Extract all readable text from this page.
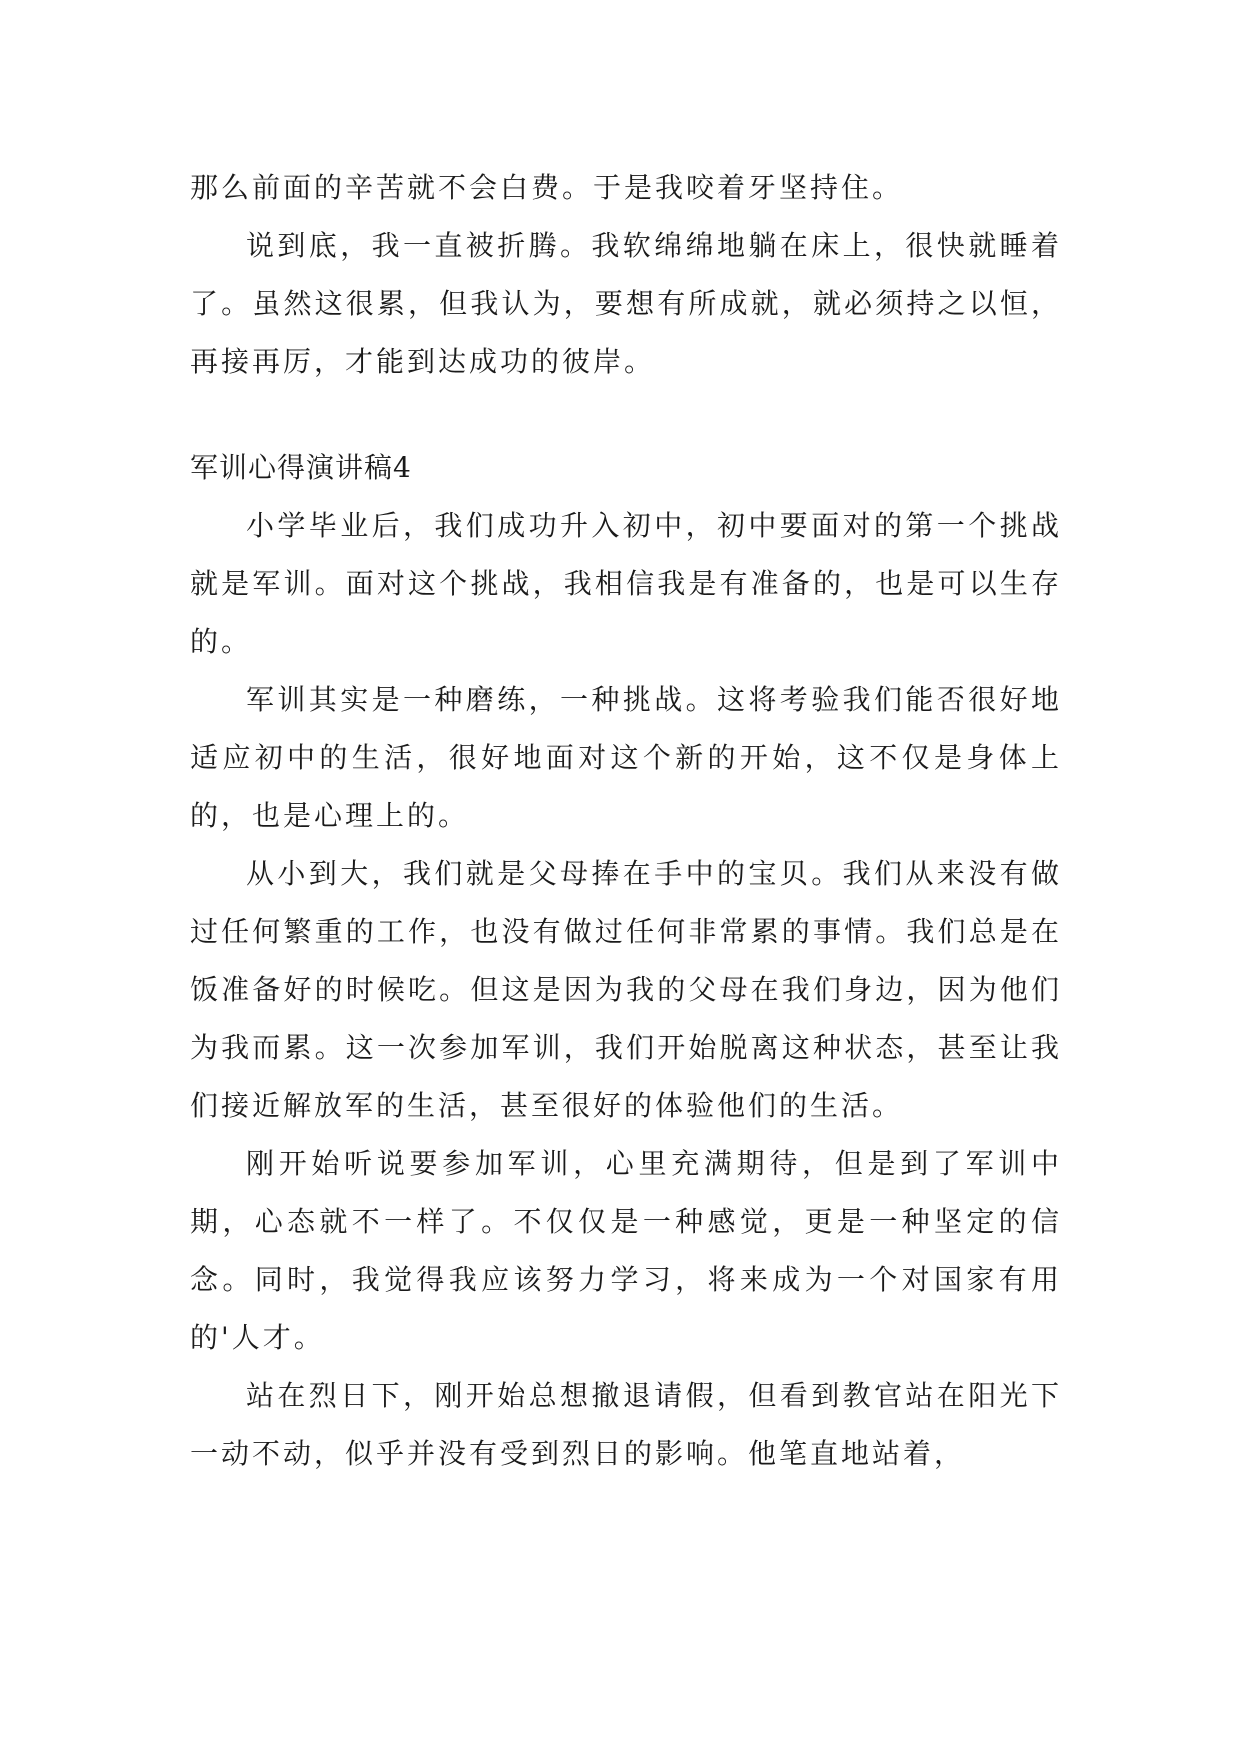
那么前面的辛苦就不会白费。于是我咬着牙坚持住。

说到底，我一直被折腾。我软绵绵地躺在床上，很快就睡着了。虽然这很累，但我认为，要想有所成就，就必须持之以恒，再接再厉，才能到达成功的彼岸。

军训心得演讲稿4

小学毕业后，我们成功升入初中，初中要面对的第一个挑战就是军训。面对这个挑战，我相信我是有准备的，也是可以生存的。

军训其实是一种磨练，一种挑战。这将考验我们能否很好地适应初中的生活，很好地面对这个新的开始，这不仅是身体上的，也是心理上的。

从小到大，我们就是父母捧在手中的宝贝。我们从来没有做过任何繁重的工作，也没有做过任何非常累的事情。我们总是在饭准备好的时候吃。但这是因为我的父母在我们身边，因为他们为我而累。这一次参加军训，我们开始脱离这种状态，甚至让我们接近解放军的生活，甚至很好的体验他们的生活。

刚开始听说要参加军训，心里充满期待，但是到了军训中期，心态就不一样了。不仅仅是一种感觉，更是一种坚定的信念。同时，我觉得我应该努力学习，将来成为一个对国家有用的'人才。

站在烈日下，刚开始总想撤退请假，但看到教官站在阳光下一动不动，似乎并没有受到烈日的影响。他笔直地站着，
